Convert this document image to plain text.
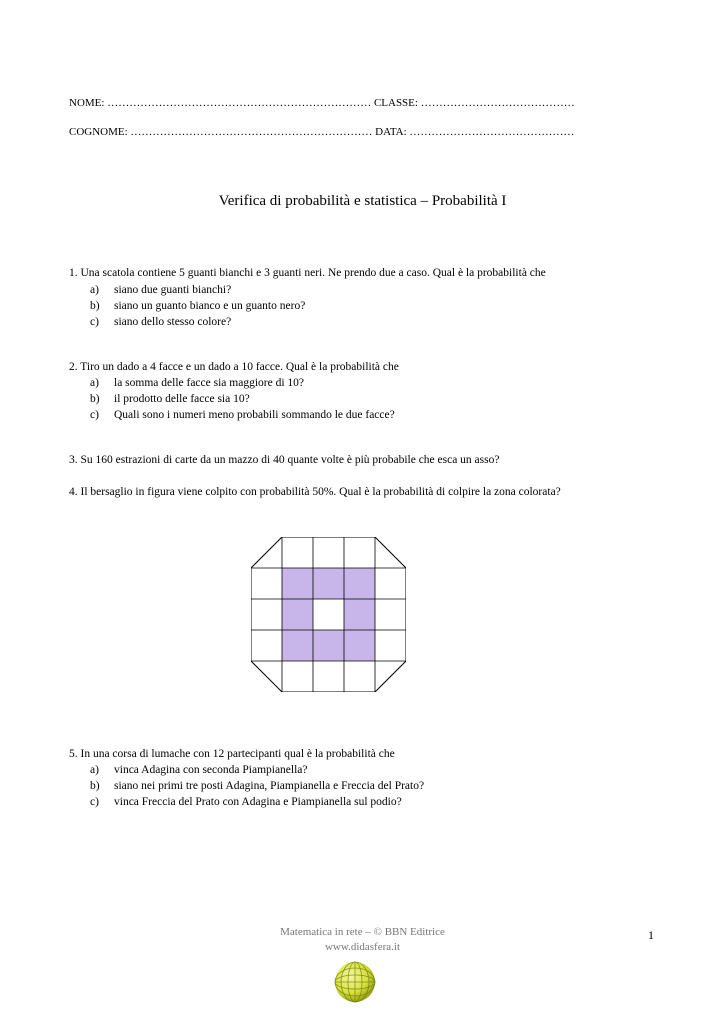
NOME: ……………………………………………………………… CLASSE: ……………………………………
COGNOME: ………………………………………………………… DATA: ………………………………………
Verifica di probabilità e statistica – Probabilità I
1. Una scatola contiene 5 guanti bianchi e 3 guanti neri. Ne prendo due a caso. Qual è la probabilità che
a) siano due guanti bianchi?
b) siano un guanto bianco e un guanto nero?
c) siano dello stesso colore?
2. Tiro un dado a 4 facce e un dado a 10 facce. Qual è la probabilità che
a) la somma delle facce sia maggiore di 10?
b) il prodotto delle facce sia 10?
c) Quali sono i numeri meno probabili sommando le due facce?
3. Su 160 estrazioni di carte da un mazzo di 40 quante volte è più probabile che esca un asso?
4. Il bersaglio in figura viene colpito con probabilità 50%. Qual è la probabilità di colpire la zona colorata?
5. In una corsa di lumache con 12 partecipanti qual è la probabilità che
a) vinca Adagina con seconda Piampianella?
b) siano nei primi tre posti Adagina, Piampianella e Freccia del Prato?
c) vinca Freccia del Prato con Adagina e Piampianella sul podio?
Matematica in rete – © BBN Editrice
www.didasfera.it
1
